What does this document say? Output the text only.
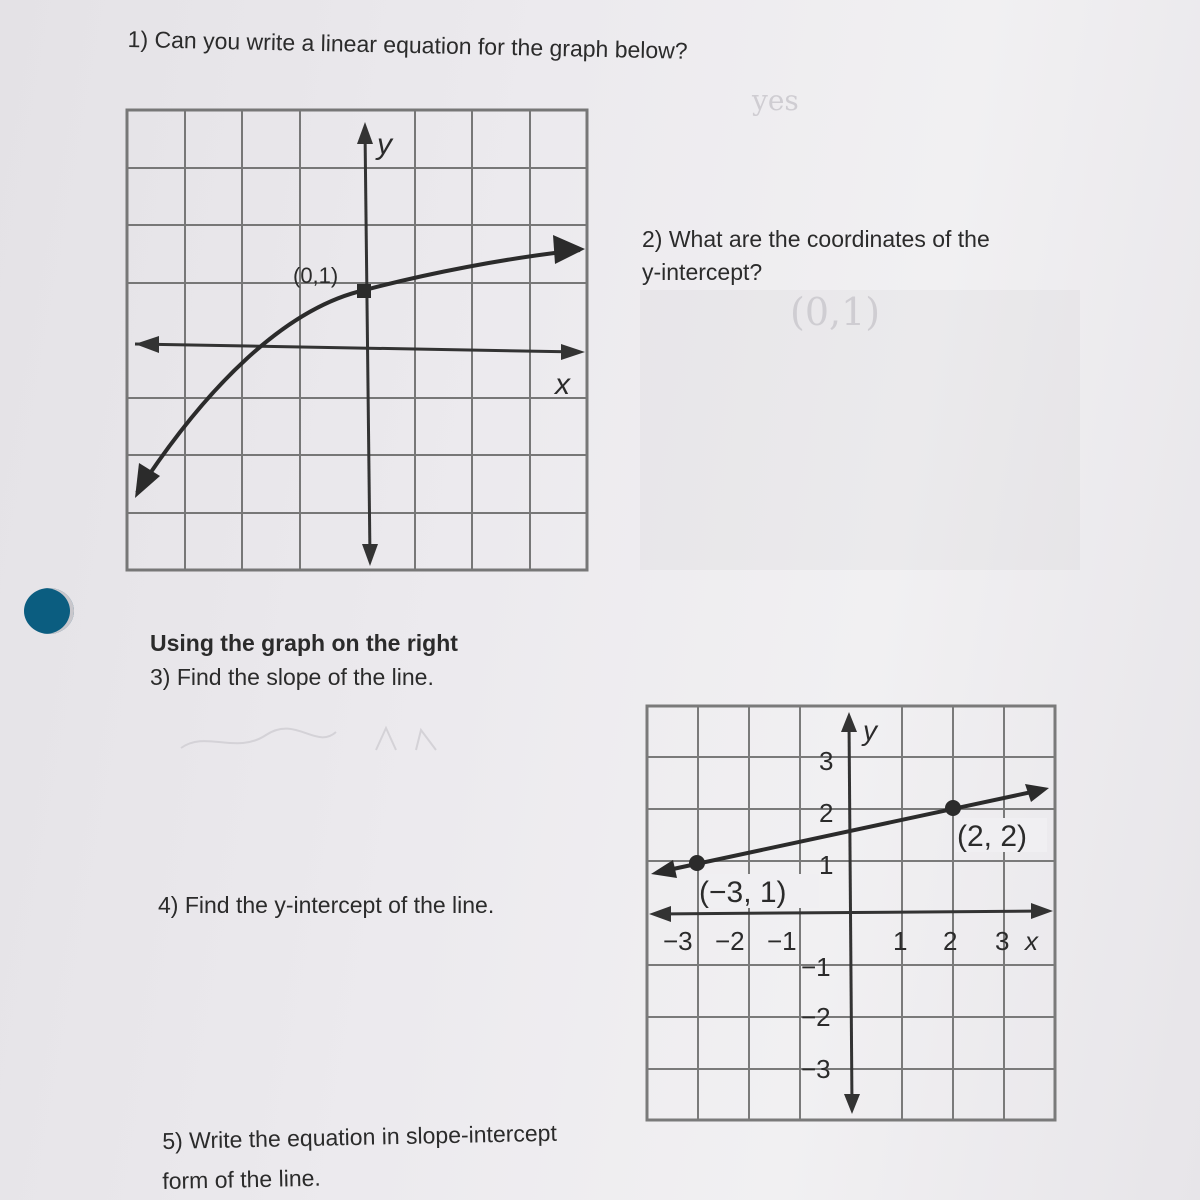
1) Can you write a linear equation for the graph below?
yes
y
x
(0,1)
2) What are the coordinates of the
y-intercept?
(0,1)
Using the graph on the right
3) Find the slope of the line.
4) Find the y-intercept of the line.
y
−3 −2 −1	1 2 3 x
3
2
1
−1
−2
−3
(−3, 1)
(2, 2)
5) Write the equation in slope-intercept
form of the line.
